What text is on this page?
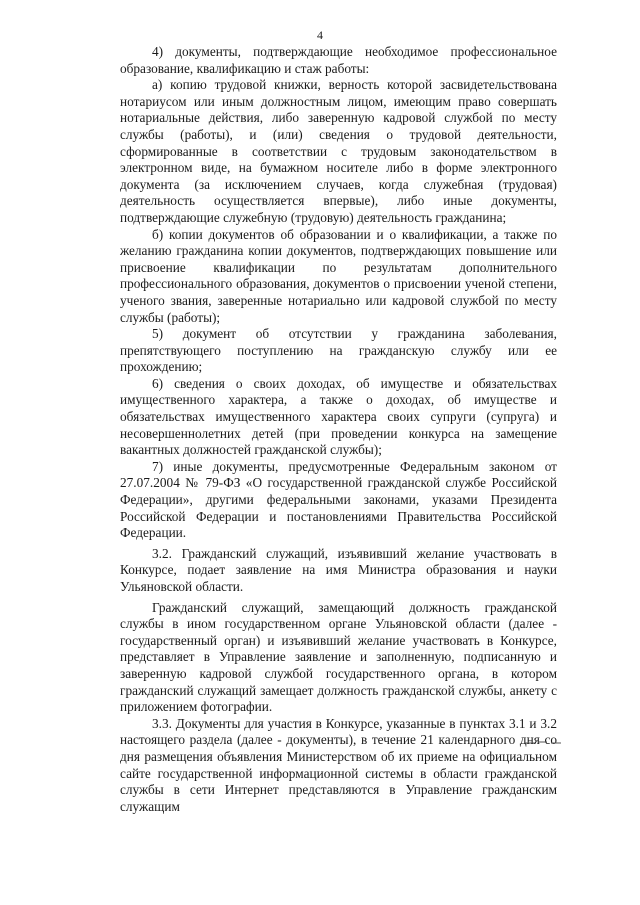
4

4) документы, подтверждающие необходимое профессиональное образование, квалификацию и стаж работы:

а) копию трудовой книжки, верность которой засвидетельствована нотариусом или иным должностным лицом, имеющим право совершать нотариальные действия, либо заверенную кадровой службой по месту службы (работы), и (или) сведения о трудовой деятельности, сформированные в соответствии с трудовым законодательством в электронном виде, на бумажном носителе либо в форме электронного документа (за исключением случаев, когда служебная (трудовая) деятельность осуществляется впервые), либо иные документы, подтверждающие служебную (трудовую) деятельность гражданина;

б) копии документов об образовании и о квалификации, а также по желанию гражданина копии документов, подтверждающих повышение или присвоение квалификации по результатам дополнительного профессионального образования, документов о присвоении ученой степени, ученого звания, заверенные нотариально или кадровой службой по месту службы (работы);

5) документ об отсутствии у гражданина заболевания, препятствующего поступлению на гражданскую службу или ее прохождению;

6) сведения о своих доходах, об имуществе и обязательствах имущественного характера, а также о доходах, об имуществе и обязательствах имущественного характера своих супруги (супруга) и несовершеннолетних детей (при проведении конкурса на замещение вакантных должностей гражданской службы);

7) иные документы, предусмотренные Федеральным законом от 27.07.2004 № 79-ФЗ «О государственной гражданской службе Российской Федерации», другими федеральными законами, указами Президента Российской Федерации и постановлениями Правительства Российской Федерации.

3.2. Гражданский служащий, изъявивший желание участвовать в Конкурсе, подает заявление на имя Министра образования и науки Ульяновской области.

Гражданский служащий, замещающий должность гражданской службы в ином государственном органе Ульяновской области (далее - государственный орган) и изъявивший желание участвовать в Конкурсе, представляет в Управление заявление и заполненную, подписанную и заверенную кадровой службой государственного органа, в котором гражданский служащий замещает должность гражданской службы, анкету с приложением фотографии.

3.3. Документы для участия в Конкурсе, указанные в пунктах 3.1 и 3.2 настоящего раздела (далее - документы), в течение 21 календарного дня со дня размещения объявления Министерством об их приеме на официальном сайте государственной информационной системы в области гражданской службы в сети Интернет представляются в Управление гражданским служащим
